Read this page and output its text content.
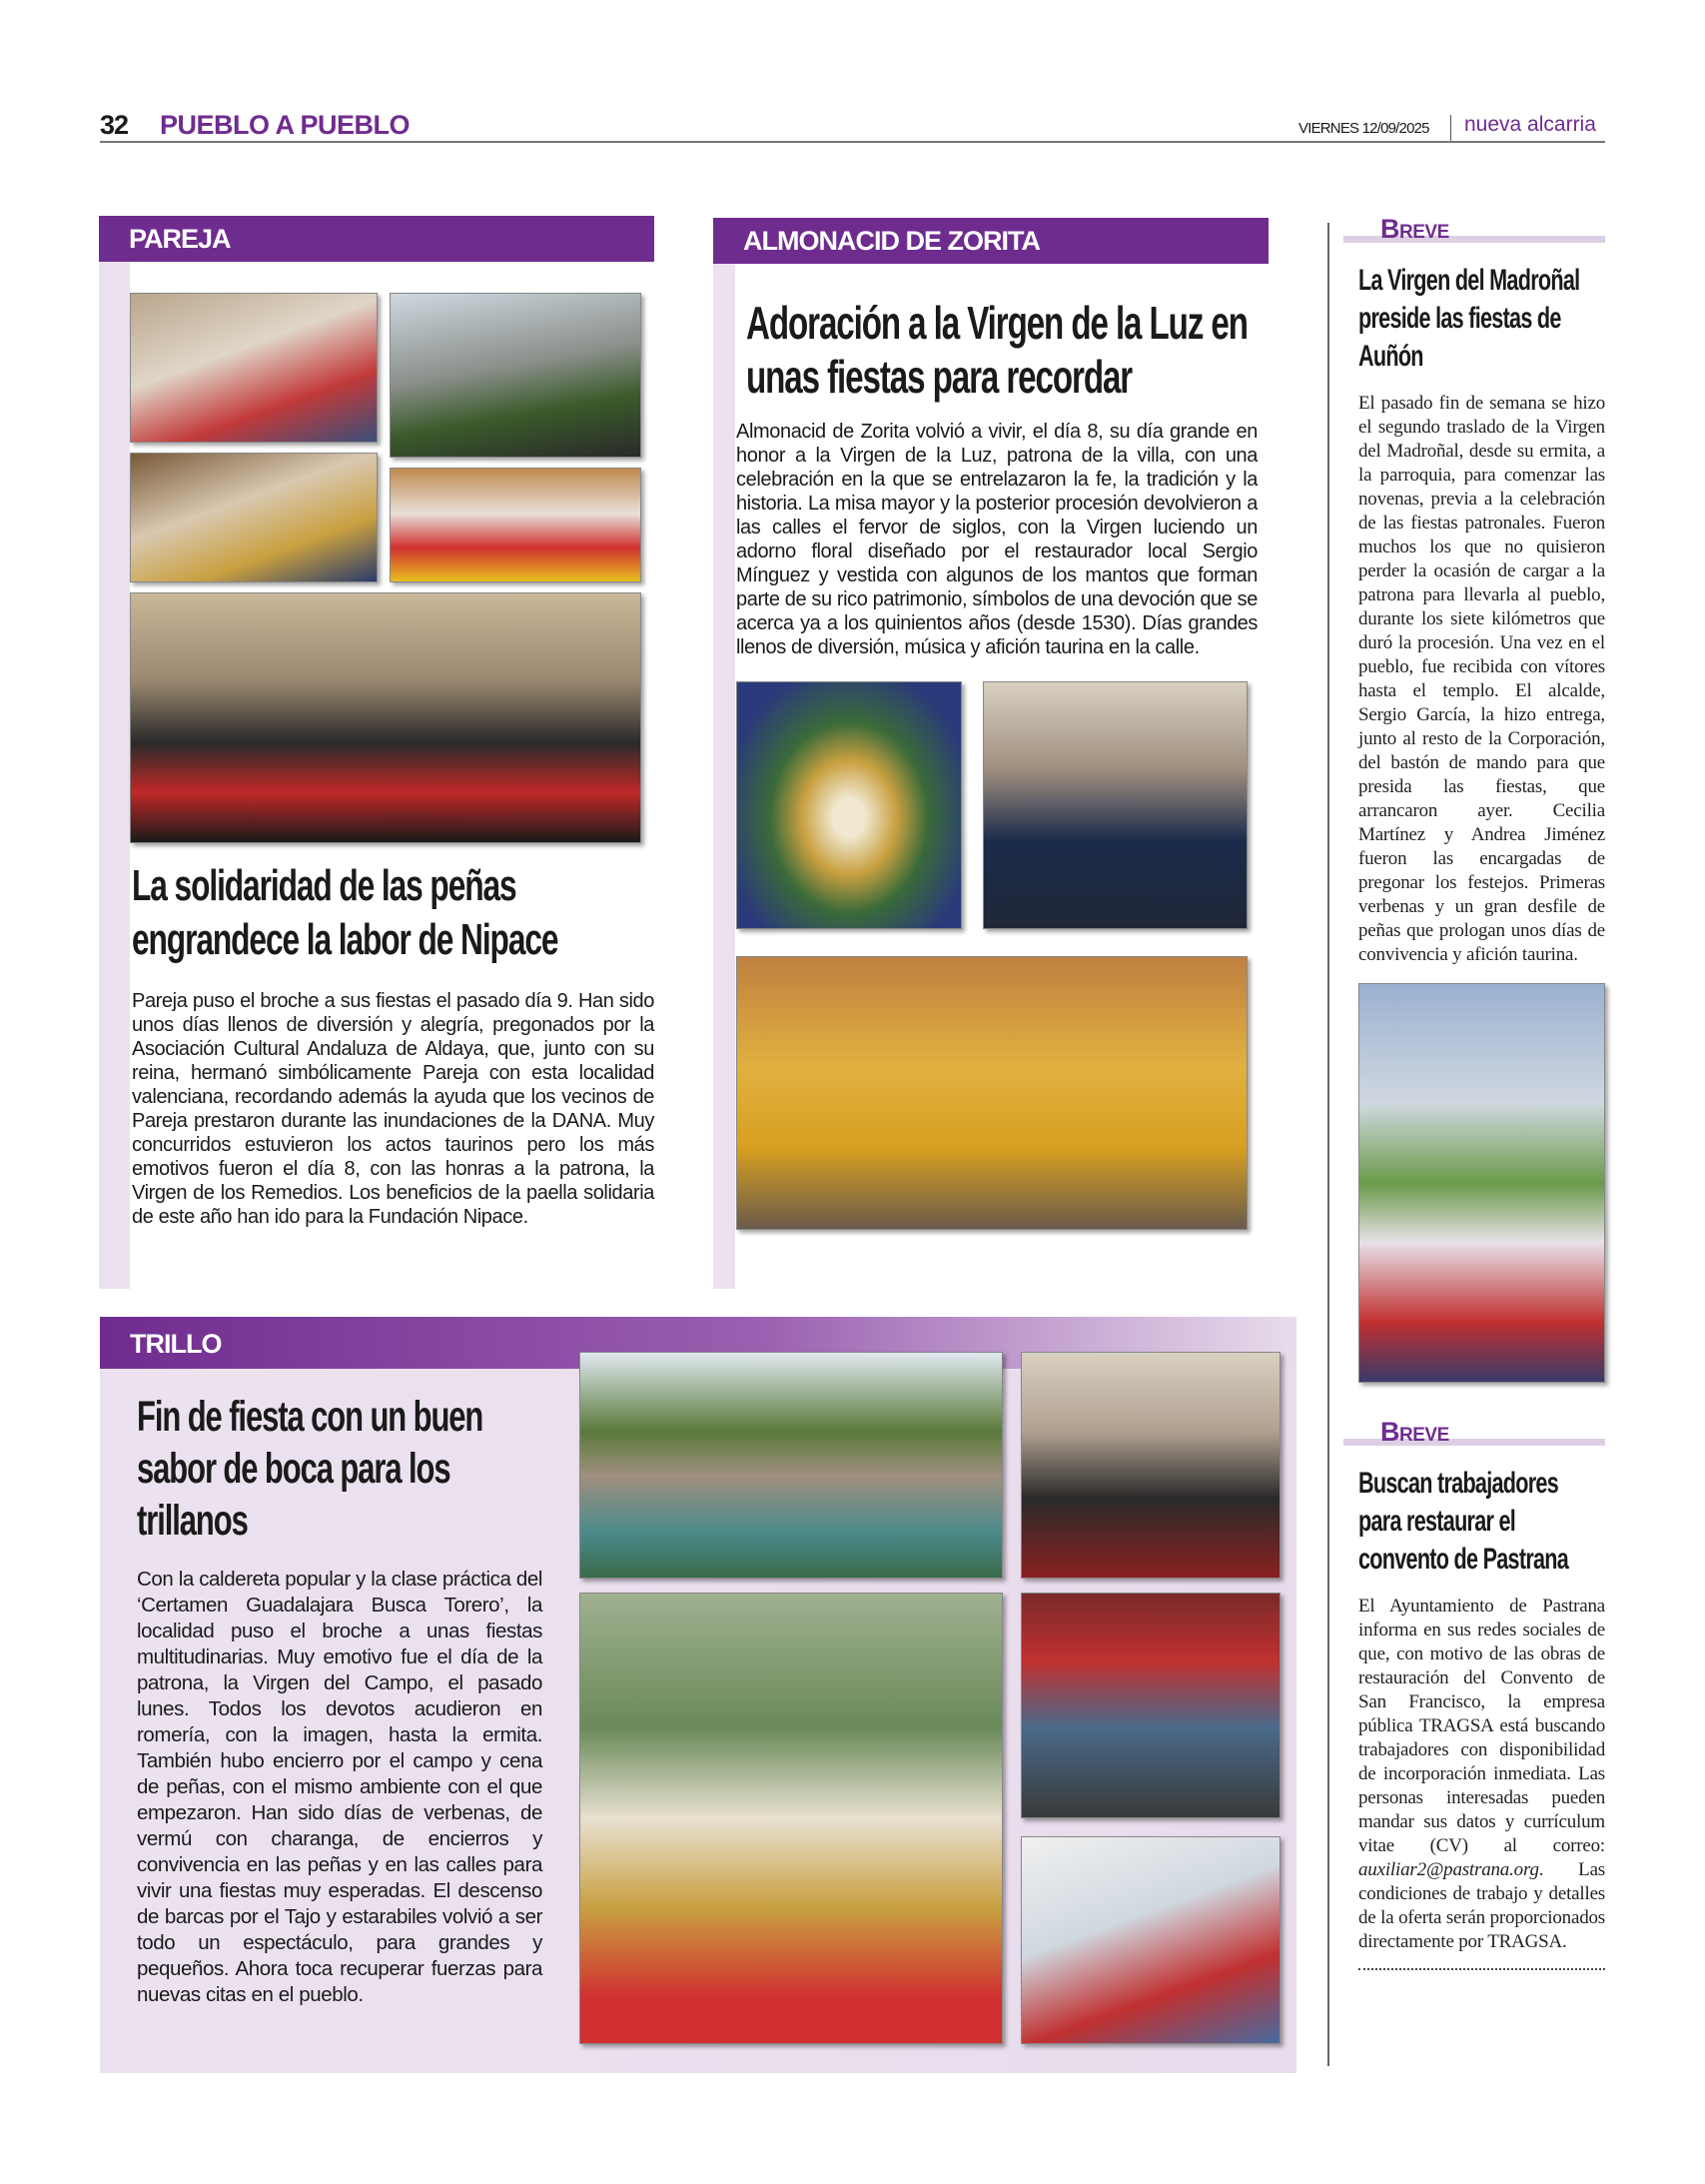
32 PUEBLO A PUEBLO	VIERNES 12/09/2025 nueva alcarria
PAREJA
La solidaridad de las peñas engrandece la labor de Nipace
Pareja puso el broche a sus fiestas el pasado día 9. Han sido unos días llenos de diversión y alegría, pregonados por la Asociación Cultural Andaluza de Aldaya, que, junto con su reina, hermanó simbólicamente Pareja con esta localidad valenciana, recordando además la ayuda que los vecinos de Pareja prestaron durante las inundaciones de la DANA. Muy concurridos estuvieron los actos taurinos pero los más emotivos fueron el día 8, con las honras a la patrona, la Virgen de los Remedios. Los beneficios de la paella solidaria de este año han ido para la Fundación Nipace.
ALMONACID DE ZORITA
Adoración a la Virgen de la Luz en unas fiestas para recordar
Almonacid de Zorita volvió a vivir, el día 8, su día grande en honor a la Virgen de la Luz, patrona de la villa, con una celebración en la que se entrelazaron la fe, la tradición y la historia. La misa mayor y la posterior procesión devolvieron a las calles el fervor de siglos, con la Virgen luciendo un adorno floral diseñado por el restaurador local Sergio Mínguez y vestida con algunos de los mantos que forman parte de su rico patrimonio, símbolos de una devoción que se acerca ya a los quinientos años (desde 1530). Días grandes llenos de diversión, música y afición taurina en la calle.
Breve
La Virgen del Madroñal preside las fiestas de Auñón
El pasado fin de semana se hizo el segundo traslado de la Virgen del Madroñal, desde su ermita, a la parroquia, para comenzar las novenas, previa a la celebración de las fiestas patronales. Fueron muchos los que no quisieron perder la ocasión de cargar a la patrona para llevarla al pueblo, durante los siete kilómetros que duró la procesión. Una vez en el pueblo, fue recibida con vítores hasta el templo. El alcalde, Sergio García, la hizo entrega, junto al resto de la Corporación, del bastón de mando para que presida las fiestas, que arrancaron ayer. Cecilia Martínez y Andrea Jiménez fueron las encargadas de pregonar los festejos. Primeras verbenas y un gran desfile de peñas que prologan unos días de convivencia y afición taurina.
Breve
Buscan trabajadores para restaurar el convento de Pastrana
El Ayuntamiento de Pastrana informa en sus redes sociales de que, con motivo de las obras de restauración del Convento de San Francisco, la empresa pública TRAGSA está buscando trabajadores con disponibilidad de incorporación inmediata. Las personas interesadas pueden mandar sus datos y currículum vitae (CV) al correo: auxiliar2@pastrana.org. Las condiciones de trabajo y detalles de la oferta serán proporcionados directamente por TRAGSA.
TRILLO
Fin de fiesta con un buen sabor de boca para los trillanos
Con la caldereta popular y la clase práctica del ‘Certamen Guadalajara Busca Torero’, la localidad puso el broche a unas fiestas multitudinarias. Muy emotivo fue el día de la patrona, la Virgen del Campo, el pasado lunes. Todos los devotos acudieron en romería, con la imagen, hasta la ermita. También hubo encierro por el campo y cena de peñas, con el mismo ambiente con el que empezaron. Han sido días de verbenas, de vermú con charanga, de encierros y convivencia en las peñas y en las calles para vivir una fiestas muy esperadas. El descenso de barcas por el Tajo y estarabiles volvió a ser todo un espectáculo, para grandes y pequeños. Ahora toca recuperar fuerzas para nuevas citas en el pueblo.
